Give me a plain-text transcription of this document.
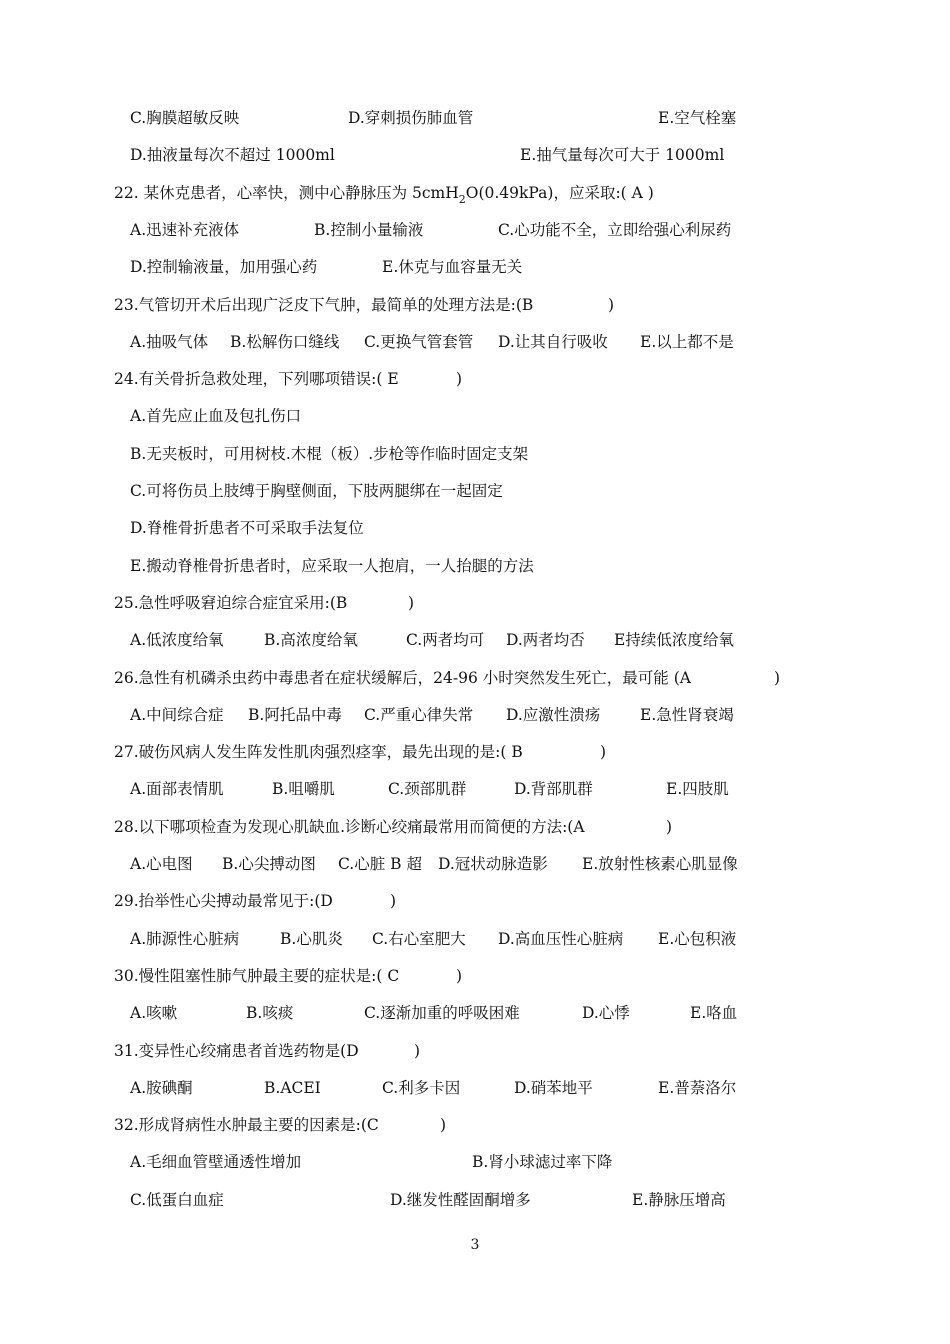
C.胸膜超敏反映	D.穿刺损伤肺血管	E.空气栓塞
D.抽液量每次不超过 1000ml	E.抽气量每次可大于 1000ml
22. 某休克患者，心率快，测中心静脉压为 5cmH$_2$O(0.49kPa)，应采取:( A )
A.迅速补充液体	B.控制小量输液	C.心功能不全，立即给强心利尿药
D.控制输液量，加用强心药	E.休克与血容量无关
23.气管切开术后出现广泛皮下气肿，最简单的处理方法是:(B	)
A.抽吸气体 B.松解伤口缝线 C.更换气管套管 D.让其自行吸收 E.以上都不是
24.有关骨折急救处理，下列哪项错误:( E	)
A.首先应止血及包扎伤口
B.无夹板时，可用树枝.木棍（板）.步枪等作临时固定支架
C.可将伤员上肢缚于胸壁侧面，下肢两腿绑在一起固定
D.脊椎骨折患者不可采取手法复位
E.搬动脊椎骨折患者时，应采取一人抱肩，一人抬腿的方法
25.急性呼吸窘迫综合症宜采用:(B	)
A.低浓度给氧	B.高浓度给氧	C.两者均可 D.两者均否 E持续低浓度给氧
26.急性有机磷杀虫药中毒患者在症状缓解后，24-96 小时突然发生死亡，最可能 (A	)
A.中间综合症 B.阿托品中毒 C.严重心律失常 D.应激性溃疡	E.急性肾衰竭
27.破伤风病人发生阵发性肌肉强烈痉挛，最先出现的是:( B	)
A.面部表情肌	B.咀嚼肌	C.颈部肌群	D.背部肌群	E.四肢肌
28.以下哪项检查为发现心肌缺血.诊断心绞痛最常用而简便的方法:(A	)
A.心电图 B.心尖搏动图 C.心脏 B 超 D.冠状动脉造影 E.放射性核素心肌显像
29.抬举性心尖搏动最常见于:(D	)
A.肺源性心脏病	B.心肌炎 C.右心室肥大 D.高血压性心脏病 E.心包积液
30.慢性阻塞性肺气肿最主要的症状是:( C	)
A.咳嗽	B.咳痰	C.逐渐加重的呼吸困难	D.心悸	E.咯血
31.变异性心绞痛患者首选药物是(D	)
A.胺碘酮	B.ACEI	C.利多卡因	D.硝苯地平	E.普萘洛尔
32.形成肾病性水肿最主要的因素是:(C	)
A.毛细血管壁通透性增加	B.肾小球滤过率下降
C.低蛋白血症	D.继发性醛固酮增多	E.静脉压增高
3
